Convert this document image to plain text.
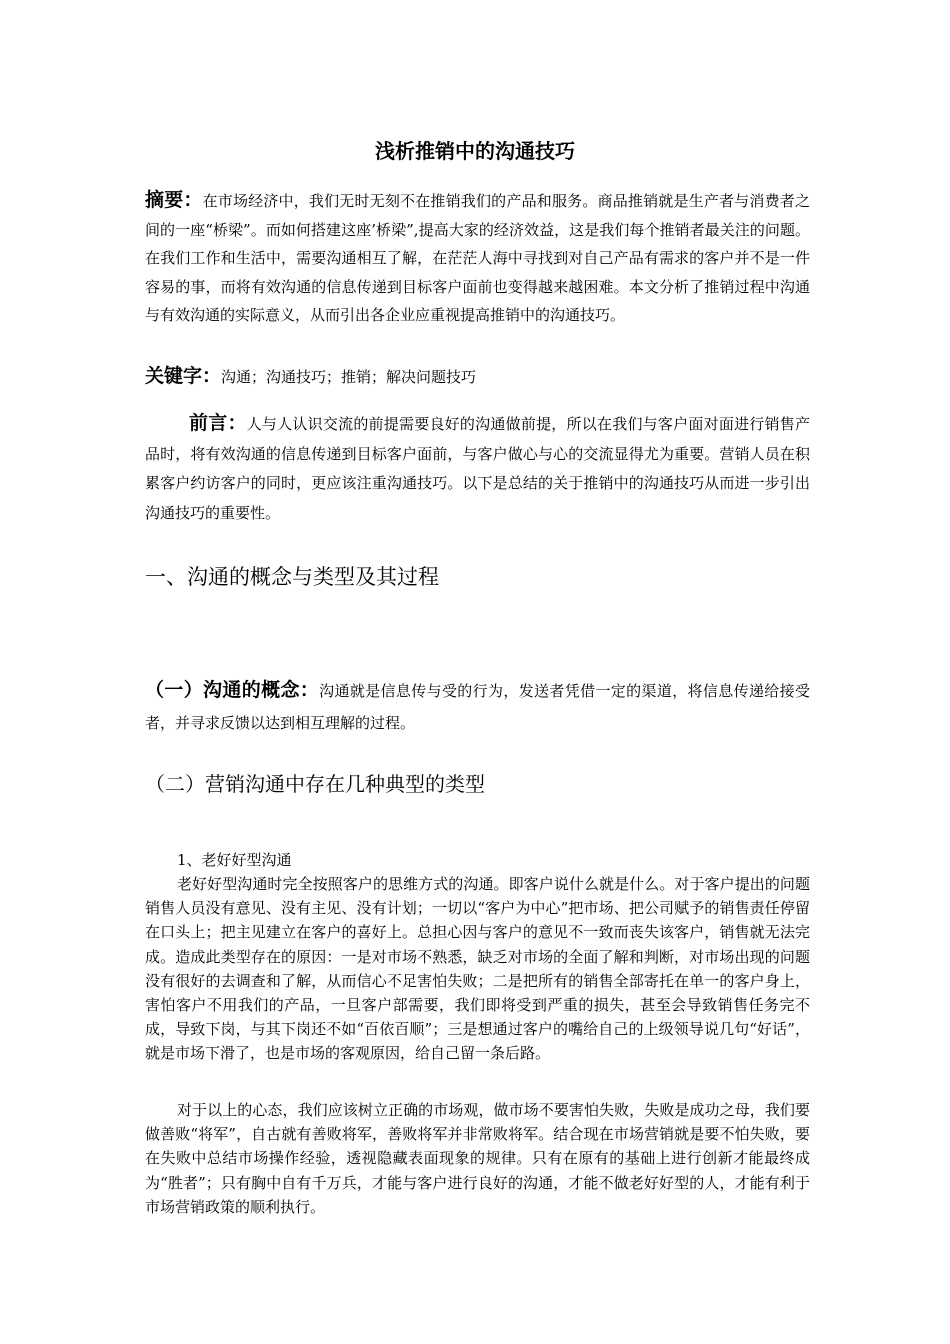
浅析推销中的沟通技巧

摘要：在市场经济中，我们无时无刻不在推销我们的产品和服务。商品推销就是生产者与消费者之间的一座“桥梁”。而如何搭建这座’桥梁”,提高大家的经济效益，这是我们每个推销者最关注的问题。在我们工作和生活中，需要沟通相互了解，在茫茫人海中寻找到对自己产品有需求的客户并不是一件容易的事，而将有效沟通的信息传递到目标客户面前也变得越来越困难。本文分析了推销过程中沟通与有效沟通的实际意义，从而引出各企业应重视提高推销中的沟通技巧。

关键字：沟通；沟通技巧；推销；解决问题技巧

前言：人与人认识交流的前提需要良好的沟通做前提，所以在我们与客户面对面进行销售产品时，将有效沟通的信息传递到目标客户面前，与客户做心与心的交流显得尤为重要。营销人员在积累客户约访客户的同时，更应该注重沟通技巧。以下是总结的关于推销中的沟通技巧从而进一步引出沟通技巧的重要性。

一、沟通的概念与类型及其过程

（一）沟通的概念：沟通就是信息传与受的行为，发送者凭借一定的渠道，将信息传递给接受者，并寻求反馈以达到相互理解的过程。

（二）营销沟通中存在几种典型的类型

1、老好好型沟通

老好好型沟通时完全按照客户的思维方式的沟通。即客户说什么就是什么。对于客户提出的问题销售人员没有意见、没有主见、没有计划；一切以“客户为中心”把市场、把公司赋予的销售责任停留在口头上；把主见建立在客户的喜好上。总担心因与客户的意见不一致而丧失该客户，销售就无法完成。造成此类型存在的原因：一是对市场不熟悉，缺乏对市场的全面了解和判断，对市场出现的问题没有很好的去调查和了解，从而信心不足害怕失败；二是把所有的销售全部寄托在单一的客户身上，害怕客户不用我们的产品，一旦客户部需要，我们即将受到严重的损失，甚至会导致销售任务完不成，导致下岗，与其下岗还不如“百依百顺”；三是想通过客户的嘴给自己的上级领导说几句“好话”，就是市场下滑了，也是市场的客观原因，给自己留一条后路。

对于以上的心态，我们应该树立正确的市场观，做市场不要害怕失败，失败是成功之母，我们要做善败“将军”，自古就有善败将军，善败将军并非常败将军。结合现在市场营销就是要不怕失败，要在失败中总结市场操作经验，透视隐藏表面现象的规律。只有在原有的基础上进行创新才能最终成为“胜者”；只有胸中自有千万兵，才能与客户进行良好的沟通，才能不做老好好型的人，才能有利于市场营销政策的顺利执行。
